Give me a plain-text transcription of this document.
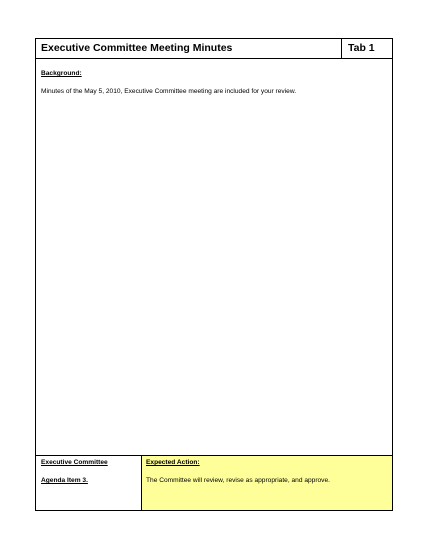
Executive Committee Meeting Minutes	Tab 1
Background:
Minutes of the May 5, 2010, Executive Committee meeting are included for your review.
Executive Committee
Agenda Item 3.
Expected Action:
The Committee will review, revise as appropriate, and approve.
